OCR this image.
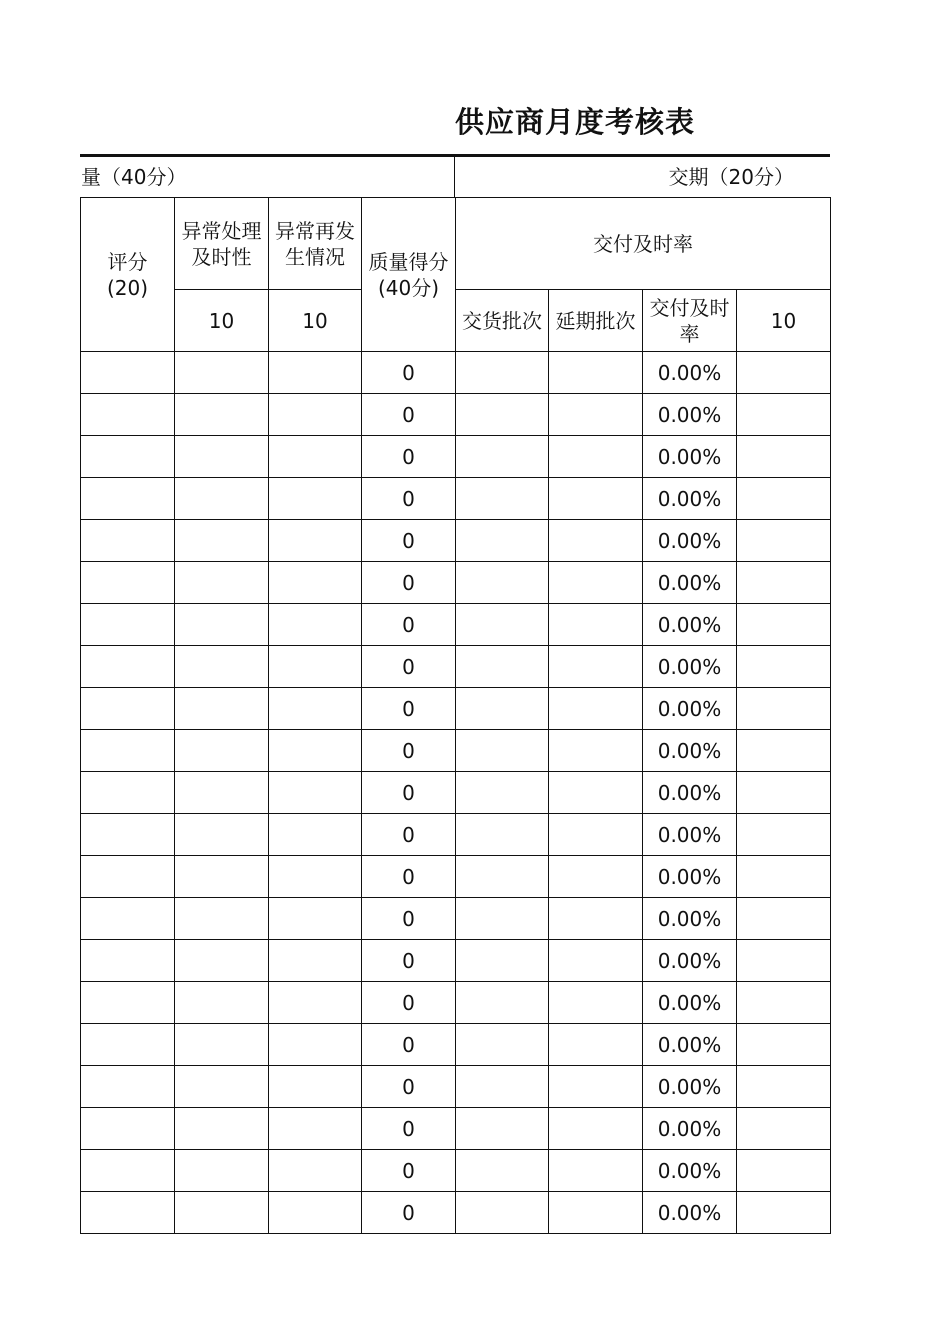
供应商月度考核表
量（40分）	交期（20分）
评分
(20)	异常处理及时性	异常再发生情况	质量得分(40分)	交付及时率			
	10	10		交货批次	延期批次	交付及时率	10
			0			0.00%	
			0			0.00%	
			0			0.00%	
			0			0.00%	
			0			0.00%	
			0			0.00%	
			0			0.00%	
			0			0.00%	
			0			0.00%	
			0			0.00%	
			0			0.00%	
			0			0.00%	
			0			0.00%	
			0			0.00%	
			0			0.00%	
			0			0.00%	
			0			0.00%	
			0			0.00%	
			0			0.00%	
			0			0.00%	
			0			0.00%	
